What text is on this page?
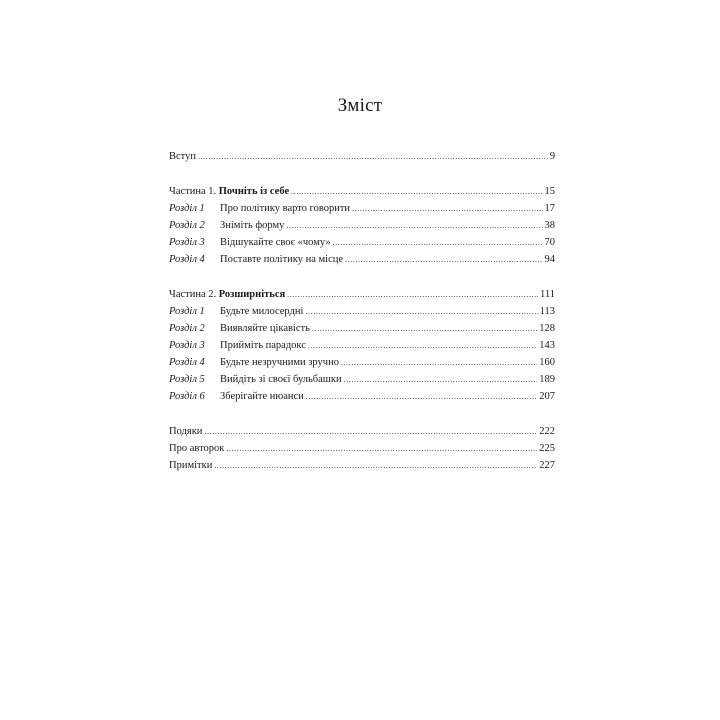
Зміст
Вступ .....	9
Частина 1. Почніть із себе .....	15
Розділ 1 Про політику варто говорити .....	17
Розділ 2 Зніміть форму .....	38
Розділ 3 Відшукайте своє «чому» .....	70
Розділ 4 Поставте політику на місце .....	94
Частина 2. Розширніться .....	111
Розділ 1 Будьте милосердні .....	113
Розділ 2 Виявляйте цікавість .....	128
Розділ 3 Прийміть парадокс .....	143
Розділ 4 Будьте незручними зручно .....	160
Розділ 5 Вийдіть зі своєї бульбашки .....	189
Розділ 6 Зберігайте нюанси .....	207
Подяки .....	222
Про авторок .....	225
Примітки .....	227
